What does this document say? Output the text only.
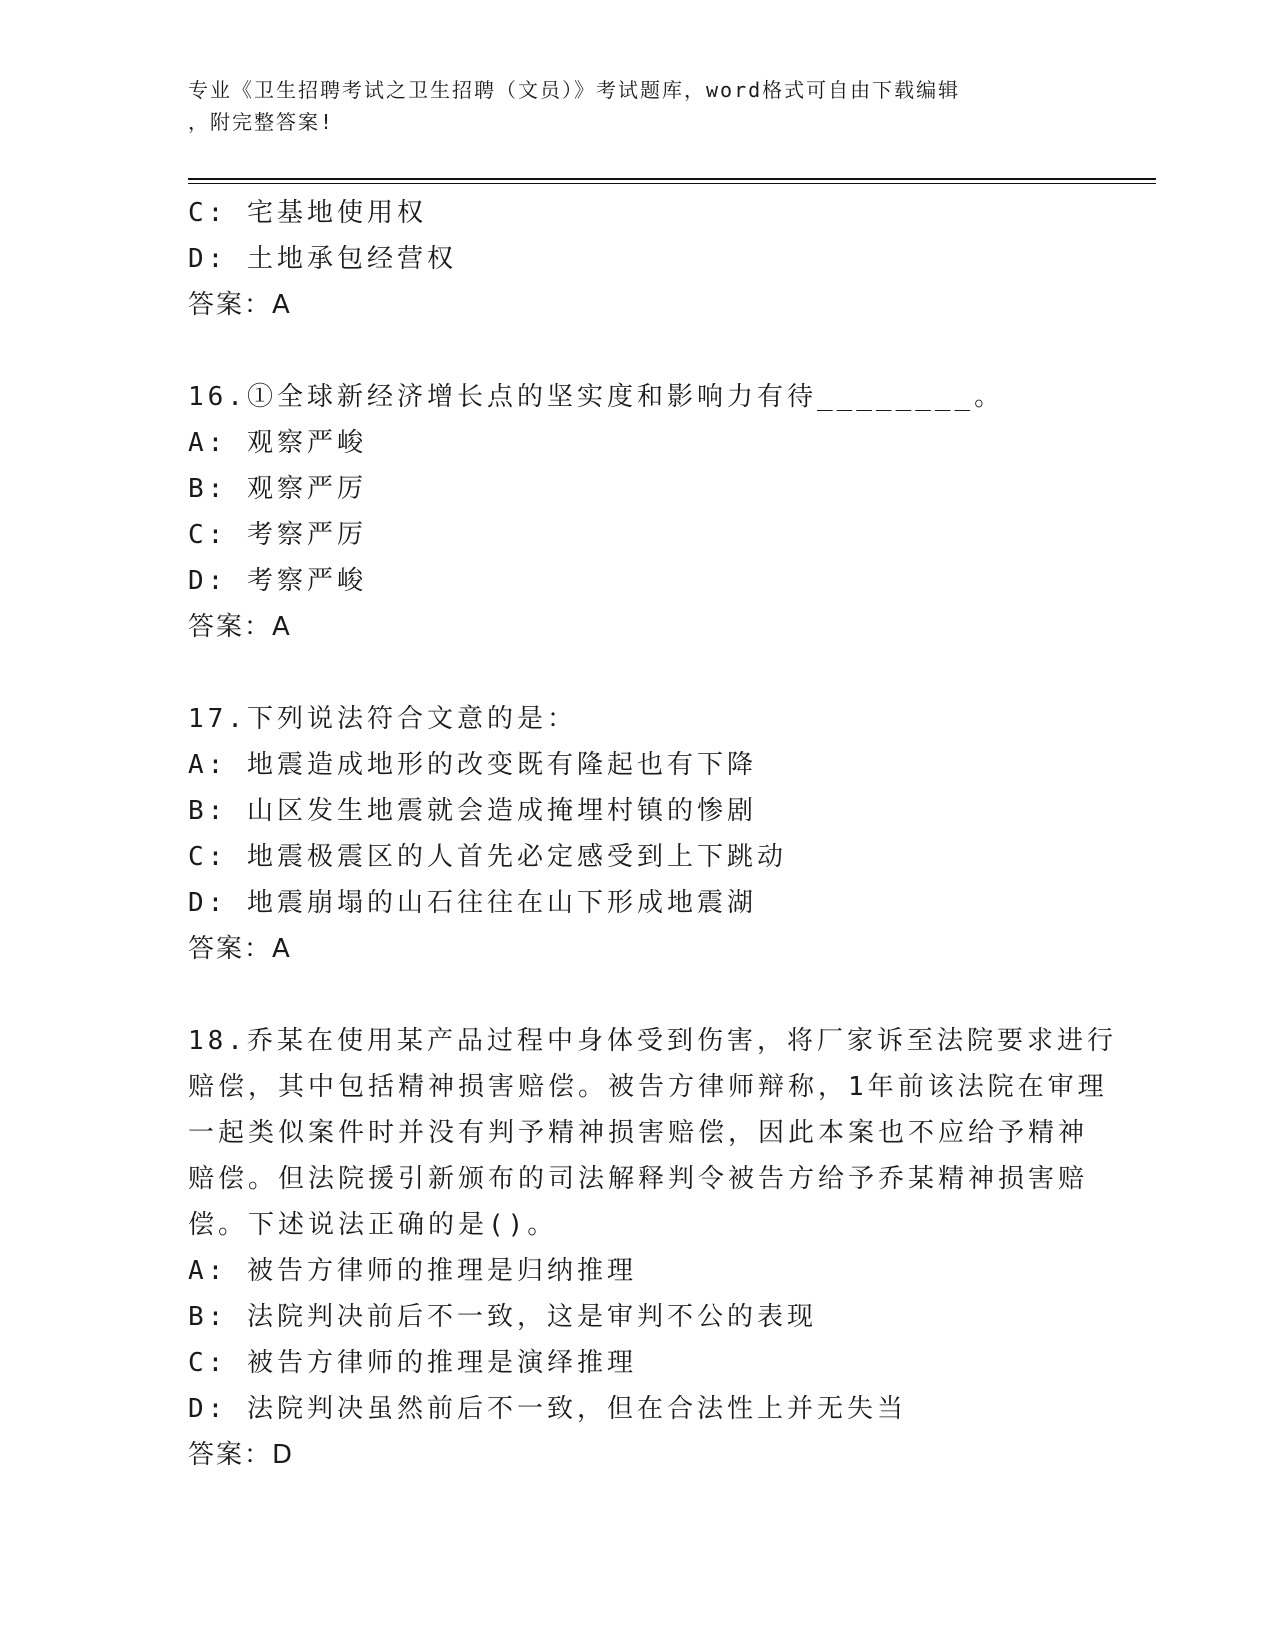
专业《卫生招聘考试之卫生招聘（文员）》考试题库，word格式可自由下载编辑
，附完整答案!
C: 宅基地使用权
D: 土地承包经营权
答案：A
16.①全球新经济增长点的坚实度和影响力有待________。
A: 观察严峻
B: 观察严厉
C: 考察严厉
D: 考察严峻
答案：A
17.下列说法符合文意的是：
A: 地震造成地形的改变既有隆起也有下降
B: 山区发生地震就会造成掩埋村镇的惨剧
C: 地震极震区的人首先必定感受到上下跳动
D: 地震崩塌的山石往往在山下形成地震湖
答案：A
18.乔某在使用某产品过程中身体受到伤害，将厂家诉至法院要求进行
赔偿，其中包括精神损害赔偿。被告方律师辩称，1年前该法院在审理
一起类似案件时并没有判予精神损害赔偿，因此本案也不应给予精神
赔偿。但法院援引新颁布的司法解释判令被告方给予乔某精神损害赔
偿。下述说法正确的是()。
A: 被告方律师的推理是归纳推理
B: 法院判决前后不一致，这是审判不公的表现
C: 被告方律师的推理是演绎推理
D: 法院判决虽然前后不一致，但在合法性上并无失当
答案：D
